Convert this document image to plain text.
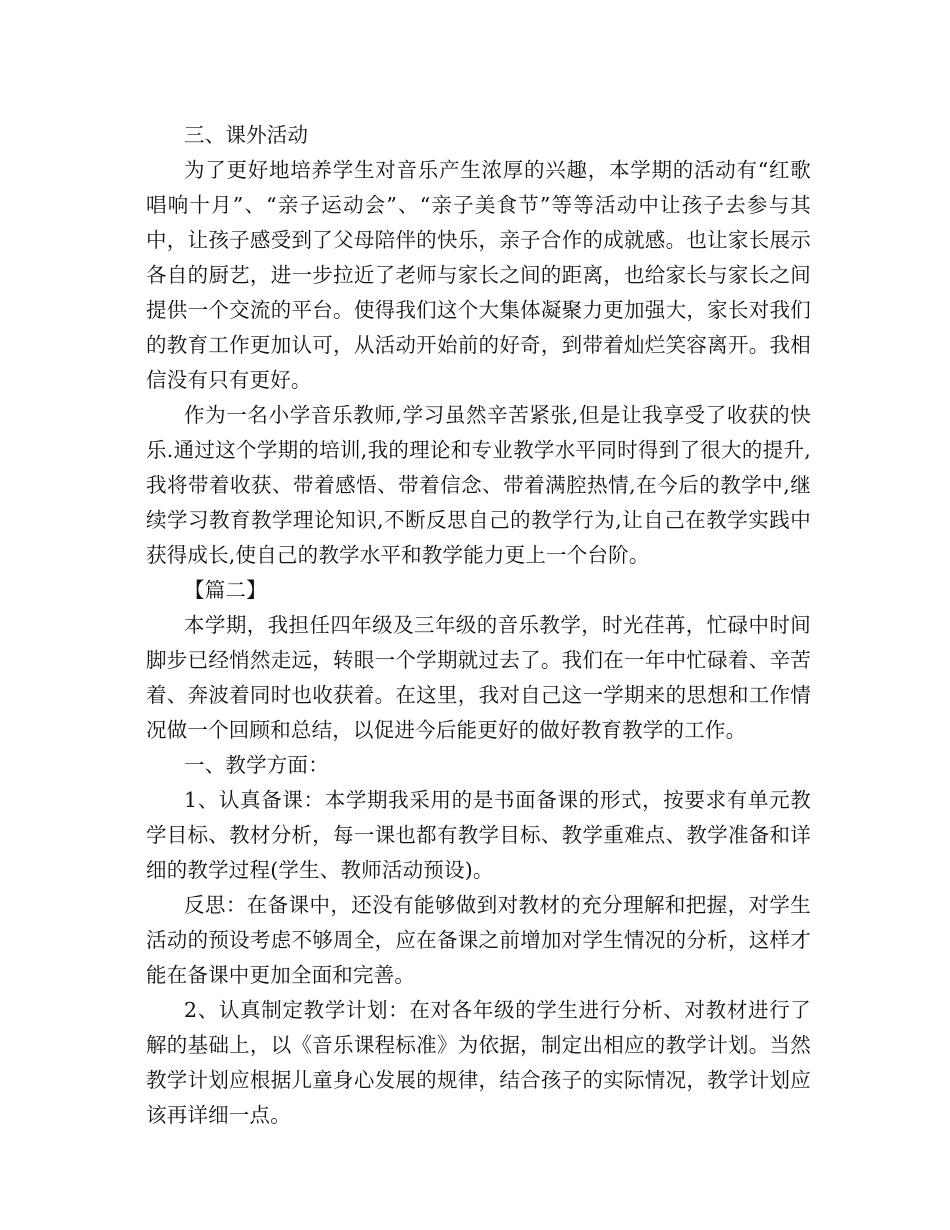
三、课外活动

为了更好地培养学生对音乐产生浓厚的兴趣，本学期的活动有“红歌唱响十月”、“亲子运动会”、“亲子美食节”等等活动中让孩子去参与其中，让孩子感受到了父母陪伴的快乐，亲子合作的成就感。也让家长展示各自的厨艺，进一步拉近了老师与家长之间的距离，也给家长与家长之间提供一个交流的平台。使得我们这个大集体凝聚力更加强大，家长对我们的教育工作更加认可，从活动开始前的好奇，到带着灿烂笑容离开。我相信没有只有更好。

作为一名小学音乐教师,学习虽然辛苦紧张,但是让我享受了收获的快乐.通过这个学期的培训,我的理论和专业教学水平同时得到了很大的提升,我将带着收获、带着感悟、带着信念、带着满腔热情,在今后的教学中,继续学习教育教学理论知识,不断反思自己的教学行为,让自己在教学实践中获得成长,使自己的教学水平和教学能力更上一个台阶。

【篇二】

本学期，我担任四年级及三年级的音乐教学，时光荏苒，忙碌中时间脚步已经悄然走远，转眼一个学期就过去了。我们在一年中忙碌着、辛苦着、奔波着同时也收获着。在这里，我对自己这一学期来的思想和工作情况做一个回顾和总结，以促进今后能更好的做好教育教学的工作。

一、教学方面：

1、认真备课：本学期我采用的是书面备课的形式，按要求有单元教学目标、教材分析，每一课也都有教学目标、教学重难点、教学准备和详细的教学过程(学生、教师活动预设)。

反思：在备课中，还没有能够做到对教材的充分理解和把握，对学生活动的预设考虑不够周全，应在备课之前增加对学生情况的分析，这样才能在备课中更加全面和完善。

2、认真制定教学计划：在对各年级的学生进行分析、对教材进行了解的基础上，以《音乐课程标准》为依据，制定出相应的教学计划。当然教学计划应根据儿童身心发展的规律，结合孩子的实际情况，教学计划应该再详细一点。
